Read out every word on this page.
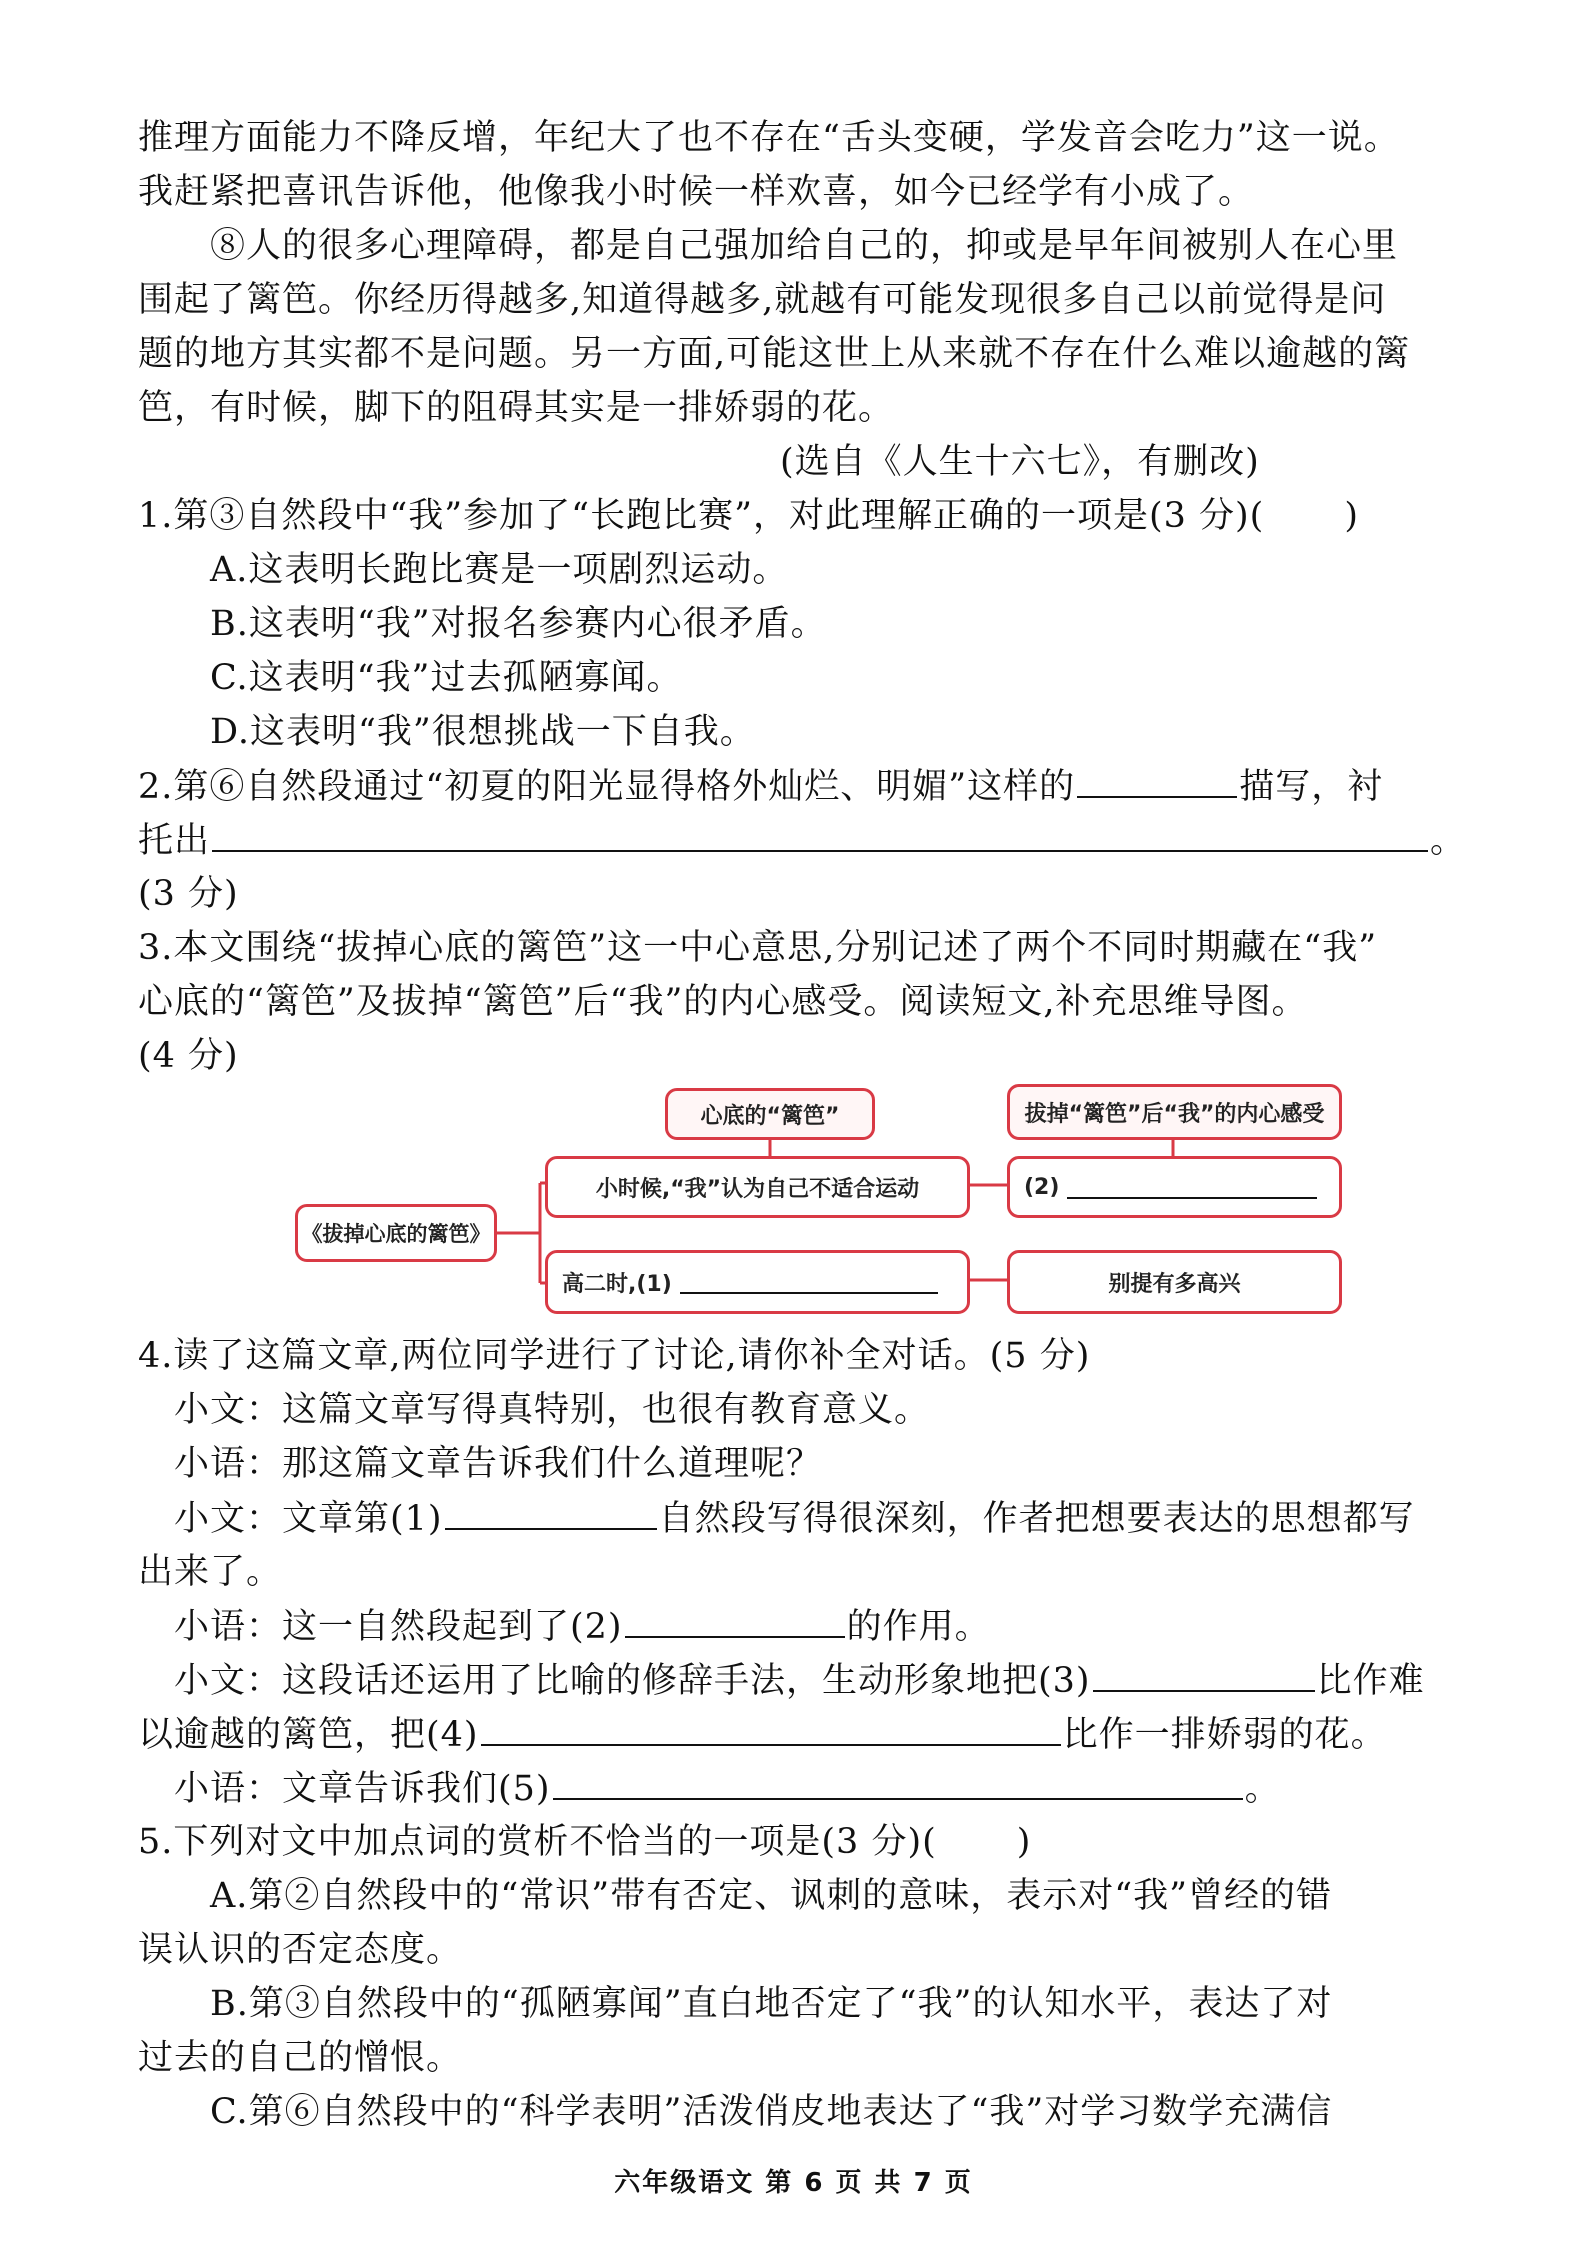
推理方面能力不降反增，年纪大了也不存在“舌头变硬，学发音会吃力”这一说。
我赶紧把喜讯告诉他，他像我小时候一样欢喜，如今已经学有小成了。
⑧人的很多心理障碍，都是自己强加给自己的，抑或是早年间被别人在心里
围起了篱笆。你经历得越多,知道得越多,就越有可能发现很多自己以前觉得是问
题的地方其实都不是问题。另一方面,可能这世上从来就不存在什么难以逾越的篱
笆，有时候，脚下的阻碍其实是一排娇弱的花。
(选自《人生十六七》，有删改)
1.第③自然段中“我”参加了“长跑比赛”，对此理解正确的一项是(3 分)( )
A.这表明长跑比赛是一项剧烈运动。
B.这表明“我”对报名参赛内心很矛盾。
C.这表明“我”过去孤陋寡闻。
D.这表明“我”很想挑战一下自我。
2.第⑥自然段通过“初夏的阳光显得格外灿烂、明媚”这样的	描写，衬
托出	。
(3 分)
3.本文围绕“拔掉心底的篱笆”这一中心意思,分别记述了两个不同时期藏在“我”
心底的“篱笆”及拔掉“篱笆”后“我”的内心感受。阅读短文,补充思维导图。
(4 分)
《拔掉心底的篱笆》
心底的“篱笆”	拔掉“篱笆”后“我”的内心感受
小时候,“我”认为自己不适合运动	(2)
高二时,(1)	别提有多高兴
4.读了这篇文章,两位同学进行了讨论,请你补全对话。(5 分)
小文：这篇文章写得真特别，也很有教育意义。
小语：那这篇文章告诉我们什么道理呢？
小文：文章第(1)	自然段写得很深刻，作者把想要表达的思想都写
出来了。
小语：这一自然段起到了(2)	的作用。
小文：这段话还运用了比喻的修辞手法，生动形象地把(3)	比作难
以逾越的篱笆，把(4)	比作一排娇弱的花。
小语：文章告诉我们(5)	。
5.下列对文中加点词的赏析不恰当的一项是(3 分)( )
A.第②自然段中的“常识”带有否定、讽刺的意味，表示对“我”曾经的错
误认识的否定态度。
B.第③自然段中的“孤陋寡闻”直白地否定了“我”的认知水平，表达了对
过去的自己的憎恨。
C.第⑥自然段中的“科学表明”活泼俏皮地表达了“我”对学习数学充满信
六年级语文 第 6 页 共 7 页
